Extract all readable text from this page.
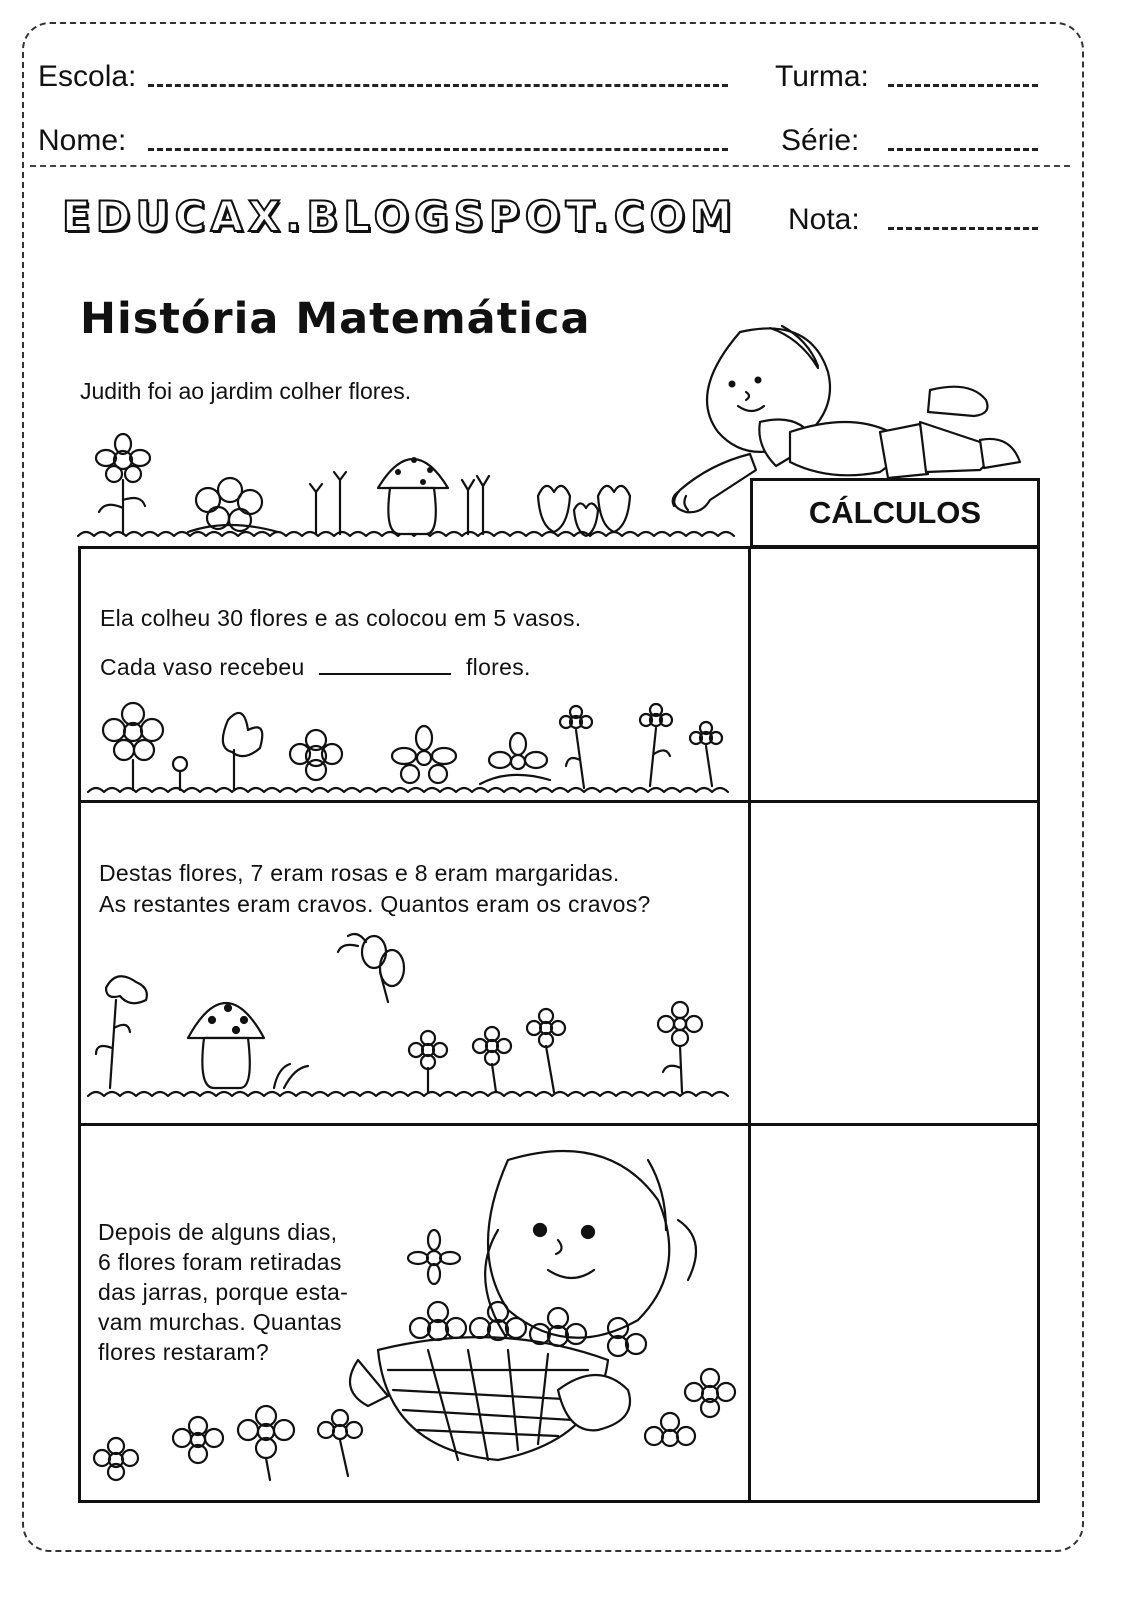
Escola:	Turma:
Nome:	Série:
EDUCAX.BLOGSPOT.COM Nota:
História Matemática
Judith foi ao jardim colher flores.
CÁLCULOS
Ela colheu 30 flores e as colocou em 5 vasos.
Cada vaso recebeu	flores.
Destas flores, 7 eram rosas e 8 eram margaridas.
As restantes eram cravos. Quantos eram os cravos?
Depois de alguns dias,
6 flores foram retiradas
das jarras, porque esta-
vam murchas. Quantas
flores restaram?
